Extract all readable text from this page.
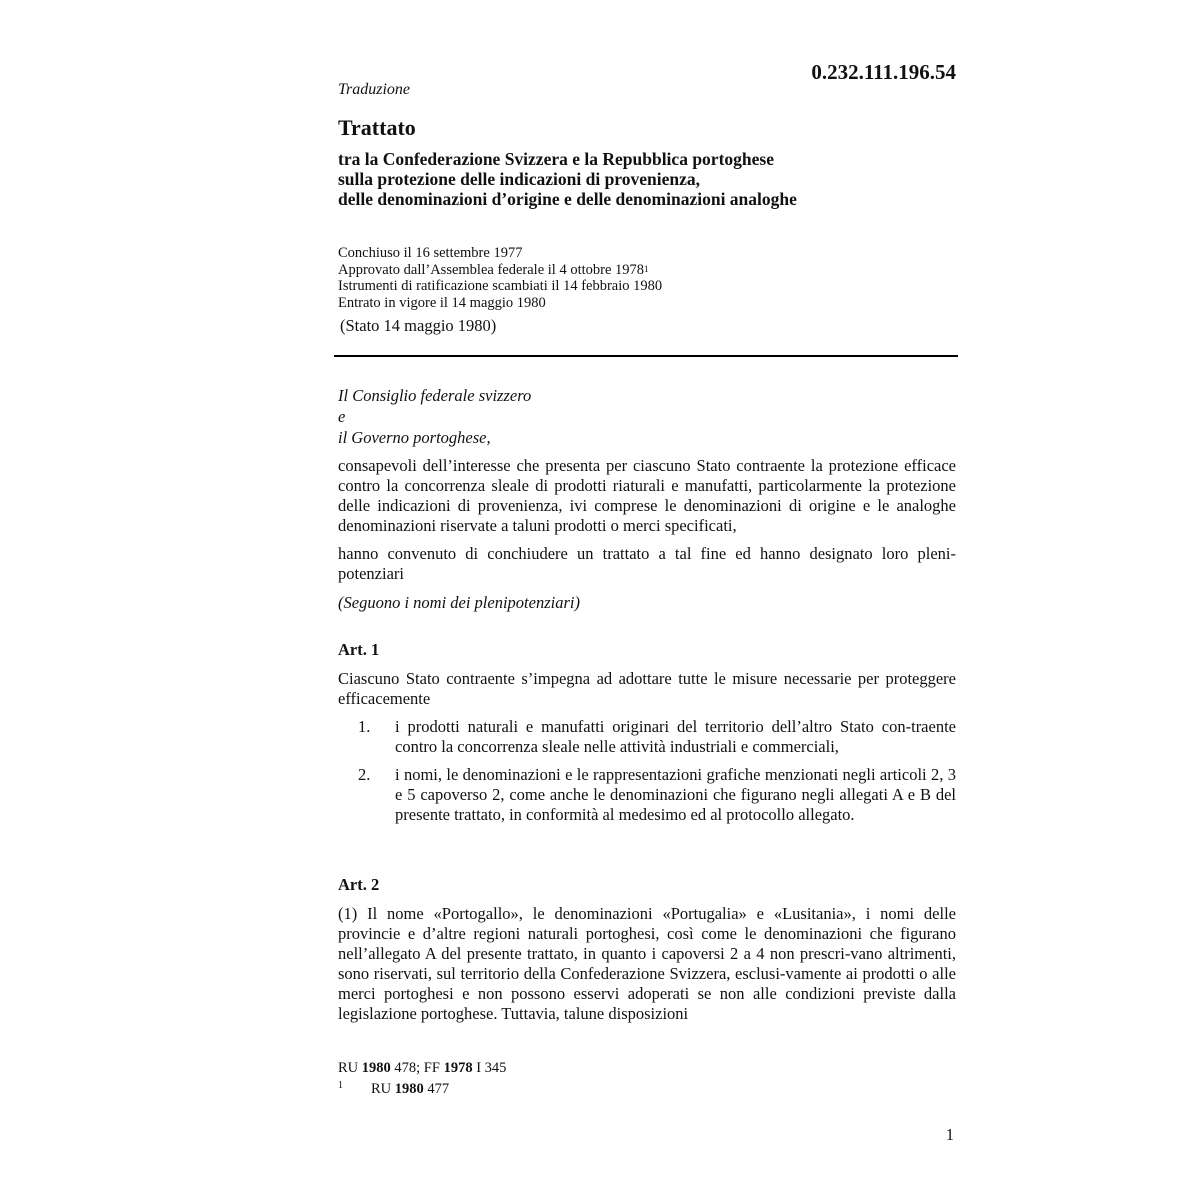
0.232.111.196.54
Traduzione
Trattato
tra la Confederazione Svizzera e la Repubblica portoghese
sulla protezione delle indicazioni di provenienza,
delle denominazioni d’origine e delle denominazioni analoghe
Conchiuso il 16 settembre 1977
Approvato dall’Assemblea federale il 4 ottobre 1978$^1$
Istrumenti di ratificazione scambiati il 14 febbraio 1980
Entrato in vigore il 14 maggio 1980
(Stato 14 maggio 1980)
Il Consiglio federale svizzero
e
il Governo portoghese,
consapevoli dell’interesse che presenta per ciascuno Stato contraente la protezione efficace contro la concorrenza sleale di prodotti riaturali e manufatti, particolarmente la protezione delle indicazioni di provenienza, ivi comprese le denominazioni di origine e le analoghe denominazioni riservate a taluni prodotti o merci specificati,
hanno convenuto di conchiudere un trattato a tal fine ed hanno designato loro pleni-potenziari
(Seguono i nomi dei plenipotenziari)
Art. 1
Ciascuno Stato contraente s’impegna ad adottare tutte le misure necessarie per proteggere efficacemente
1. i prodotti naturali e manufatti originari del territorio dell’altro Stato con-traente contro la concorrenza sleale nelle attività industriali e commerciali,
2. i nomi, le denominazioni e le rappresentazioni grafiche menzionati negli articoli 2, 3 e 5 capoverso 2, come anche le denominazioni che figurano negli allegati A e B del presente trattato, in conformità al medesimo ed al protocollo allegato.
Art. 2
(1) Il nome «Portogallo», le denominazioni «Portugalia» e «Lusitania», i nomi delle provincie e d’altre regioni naturali portoghesi, così come le denominazioni che figurano nell’allegato A del presente trattato, in quanto i capoversi 2 a 4 non prescri-vano altrimenti, sono riservati, sul territorio della Confederazione Svizzera, esclusi-vamente ai prodotti o alle merci portoghesi e non possono esservi adoperati se non alle condizioni previste dalla legislazione portoghese. Tuttavia, talune disposizioni
RU 1980 478; FF 1978 I 345
1 RU 1980 477
1
